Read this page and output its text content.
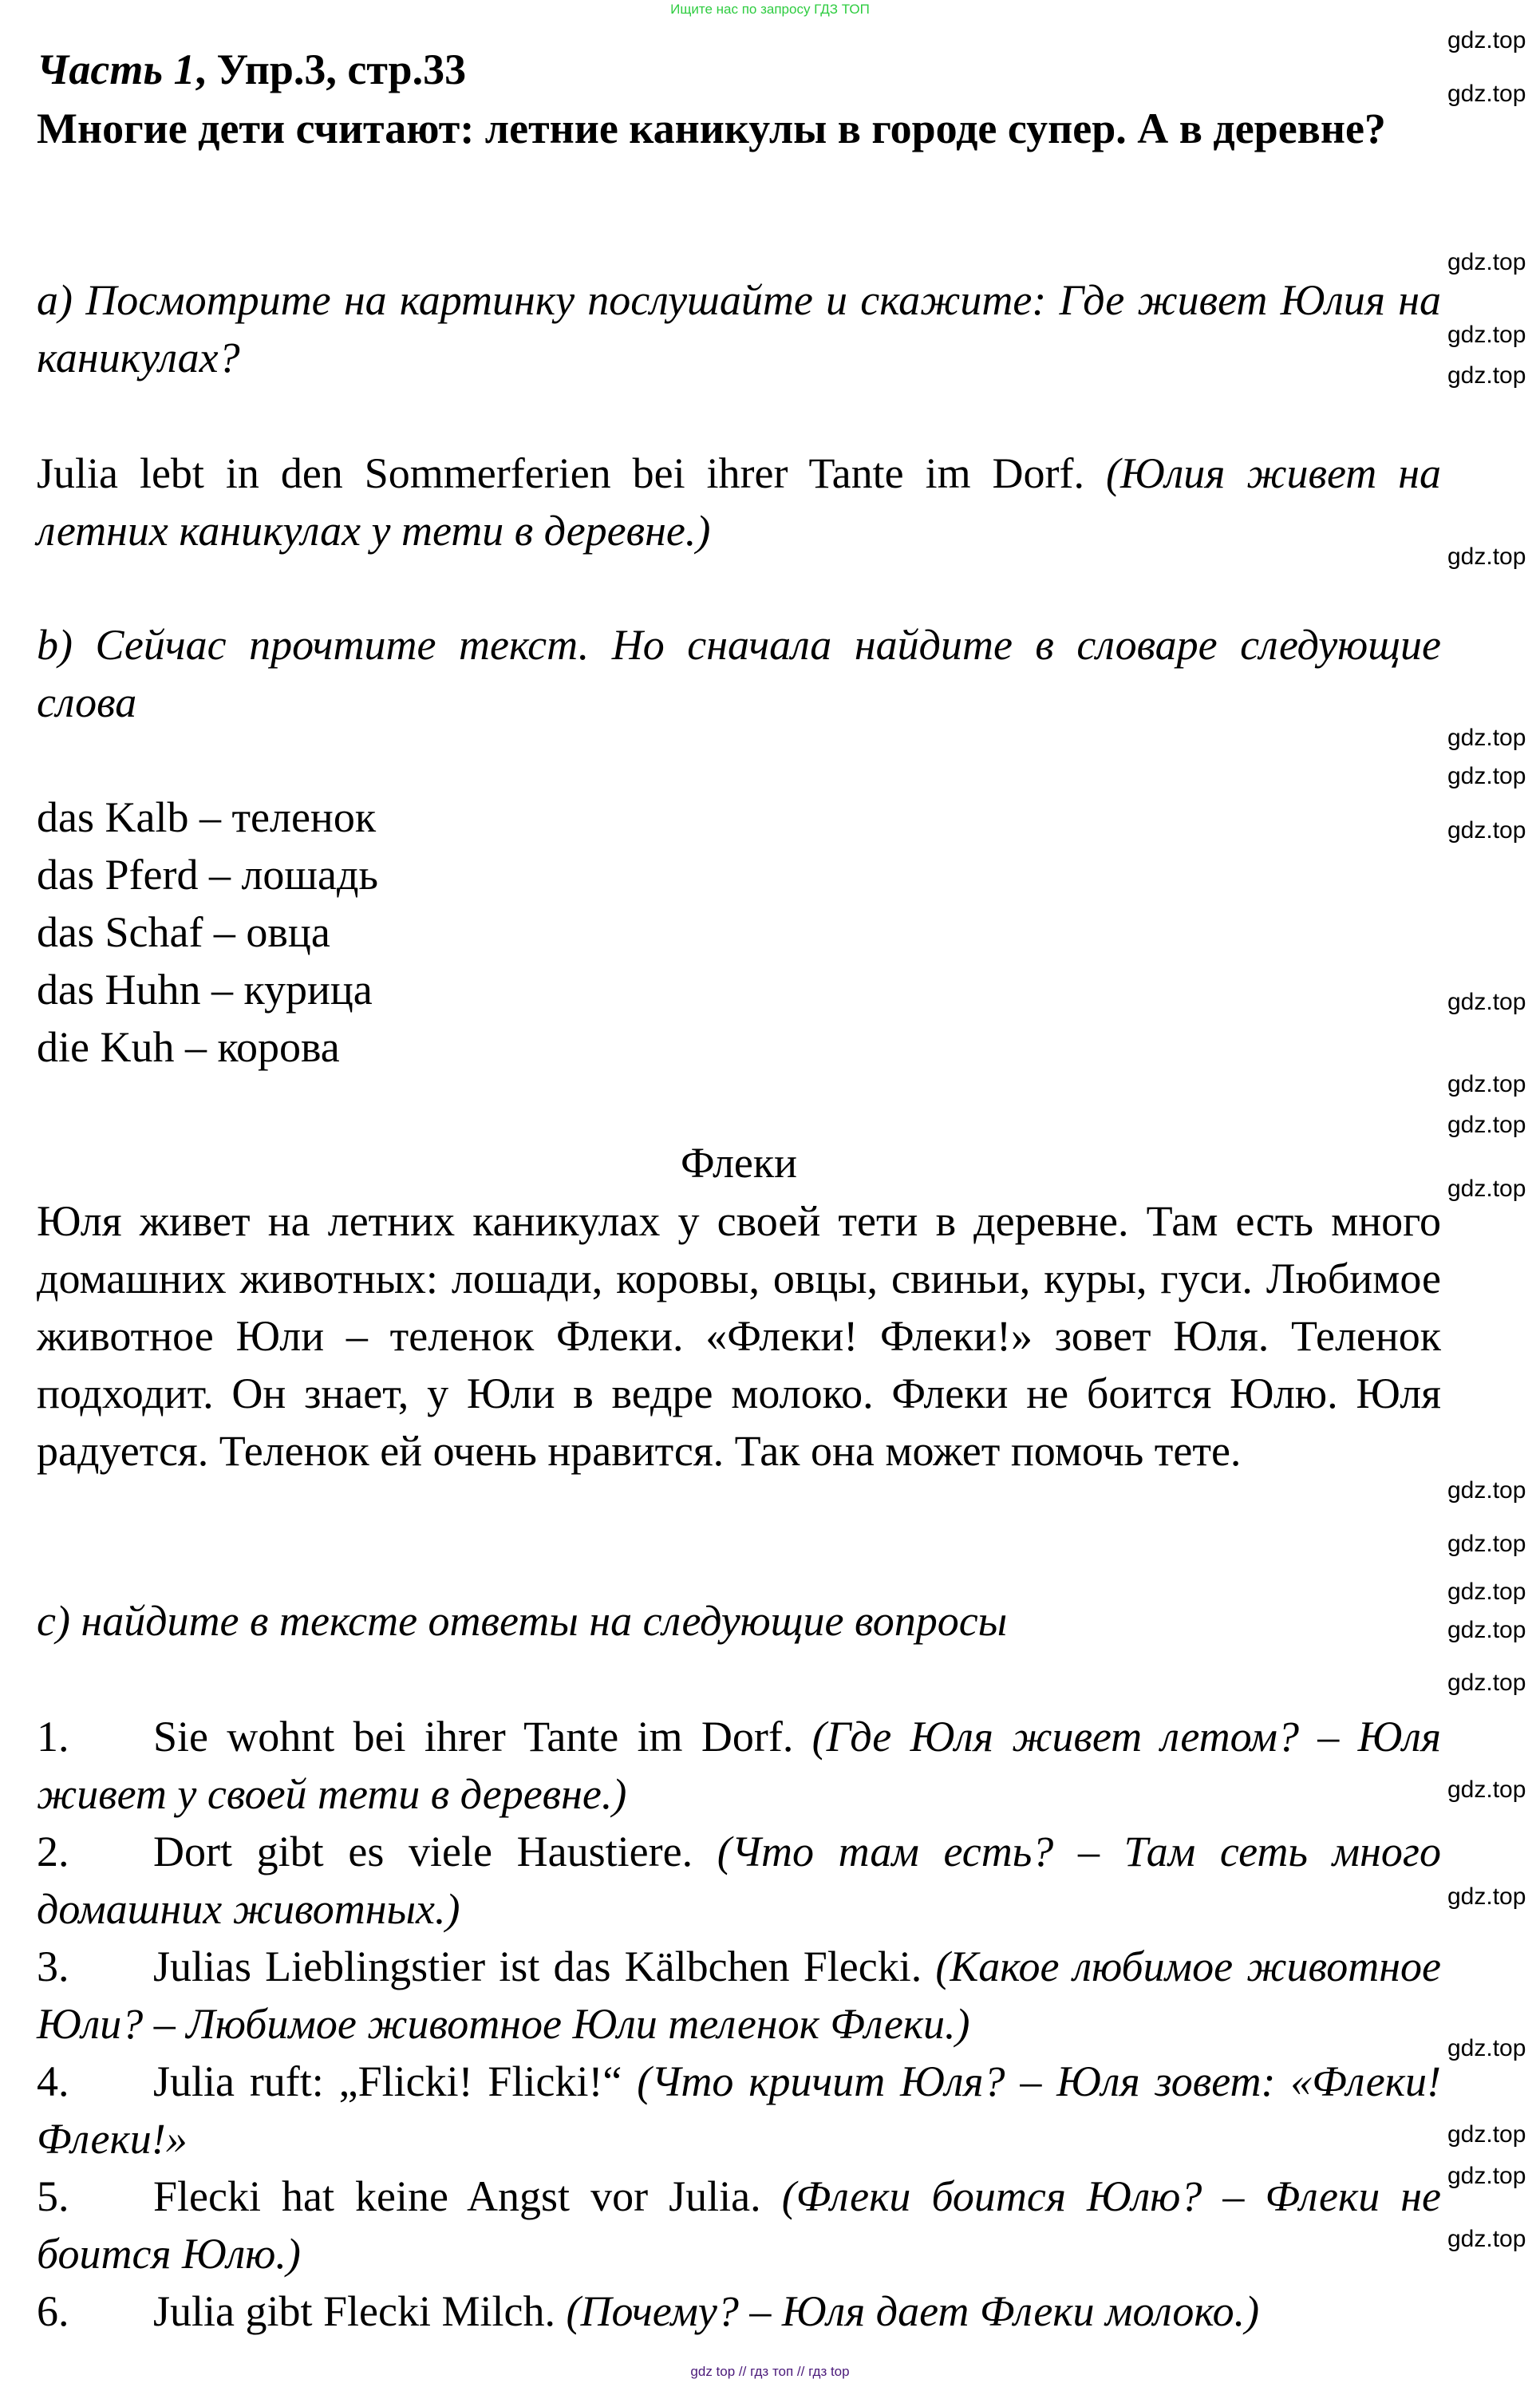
Ищите нас по запросу ГДЗ ТОП
Часть 1, Упр.3, стр.33
Многие дети считают: летние каникулы в городе супер. А в деревне?
а) Посмотрите на картинку послушайте и скажите: Где живет Юлия на каникулах?
Julia lebt in den Sommerferien bei ihrer Tante im Dorf. (Юлия живет на летних каникулах у тети в деревне.)
b) Сейчас прочтите текст. Но сначала найдите в словаре следующие слова
das Kalb – теленок
das Pferd – лошадь
das Schaf – овца
das Huhn – курица
die Kuh – корова
Флеки
Юля живет на летних каникулах у своей тети в деревне. Там есть много домашних животных: лошади, коровы, овцы, свиньи, куры, гуси. Любимое животное Юли – теленок Флеки. «Флеки! Флеки!» зовет Юля. Теленок подходит. Он знает, у Юли в ведре молоко. Флеки не боится Юлю. Юля радуется. Теленок ей очень нравится. Так она может помочь тете.
с) найдите в тексте ответы на следующие вопросы
1. Sie wohnt bei ihrer Tante im Dorf. (Где Юля живет летом? – Юля живет у своей тети в деревне.)
2. Dort gibt es viele Haustiere. (Что там есть? – Там сеть много домашних животных.)
3. Julias Lieblingstier ist das Kälbchen Flecki. (Какое любимое животное Юли? – Любимое животное Юли теленок Флеки.)
4. Julia ruft: „Flicki! Flicki!“ (Что кричит Юля? – Юля зовет: «Флеки! Флеки!»
5. Flecki hat keine Angst vor Julia. (Флеки боится Юлю? – Флеки не боится Юлю.)
6. Julia gibt Flecki Milch. (Почему? – Юля дает Флеки молоко.)
gdz.top
gdz.top
gdz.top
gdz.top
gdz.top
gdz.top
gdz.top
gdz.top
gdz.top
gdz.top
gdz.top
gdz.top
gdz.top
gdz.top
gdz.top
gdz.top
gdz.top
gdz.top
gdz.top
gdz.top
gdz.top
gdz.top
gdz.top
gdz.top
gdz top // гдз топ // гдз top
